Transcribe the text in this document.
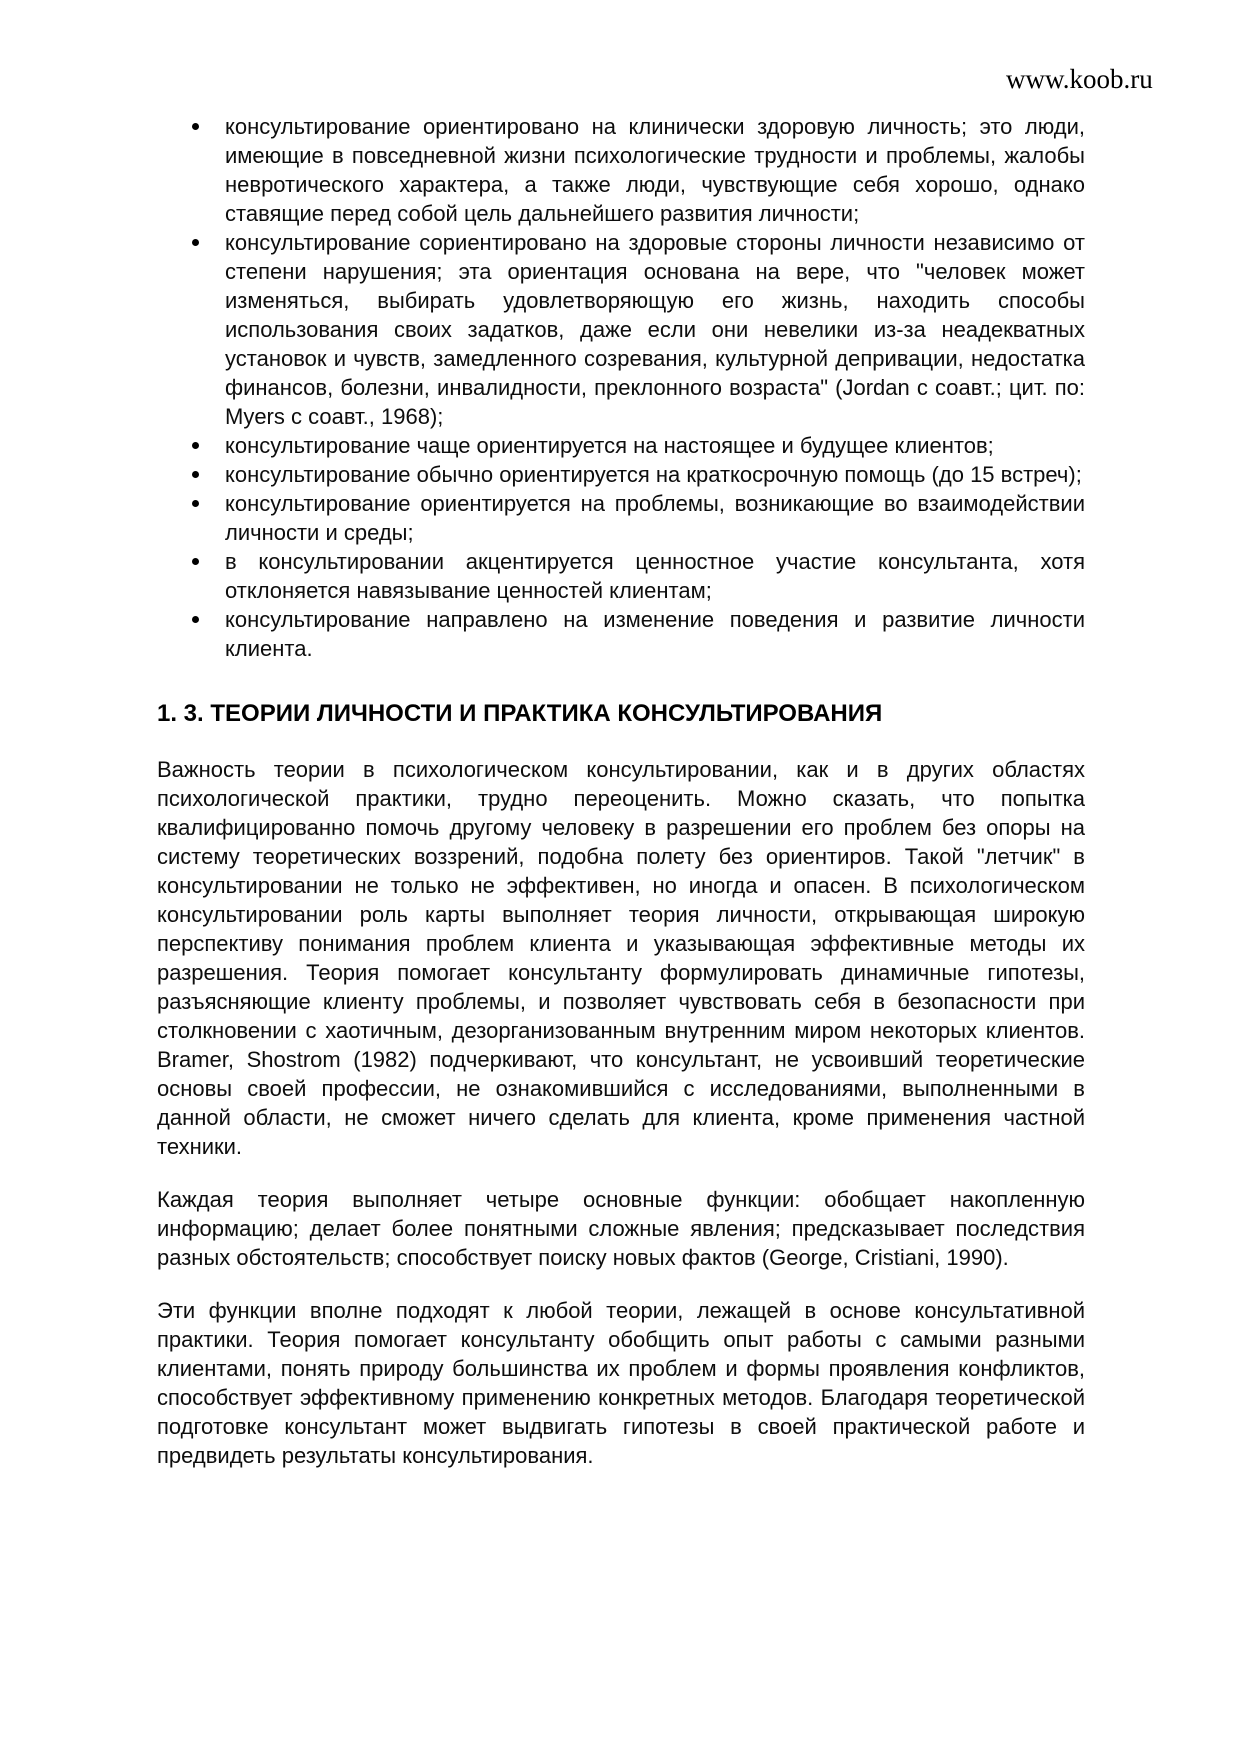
www.koob.ru
консультирование ориентировано на клинически здоровую личность; это люди, имеющие в повседневной жизни психологические трудности и проблемы, жалобы невротического характера, а также люди, чувствующие себя хорошо, однако ставящие перед собой цель дальнейшего развития личности;
консультирование сориентировано на здоровые стороны личности независимо от степени нарушения; эта ориентация основана на вере, что "человек может изменяться, выбирать удовлетворяющую его жизнь, находить способы использования своих задатков, даже если они невелики из-за неадекватных установок и чувств, замедленного созревания, культурной депривации, недостатка финансов, болезни, инвалидности, преклонного возраста" (Jordan с соавт.; цит. по: Myers с соавт., 1968);
консультирование чаще ориентируется на настоящее и будущее клиентов;
консультирование обычно ориентируется на краткосрочную помощь (до 15 встреч);
консультирование ориентируется на проблемы, возникающие во взаимодействии личности и среды;
в консультировании акцентируется ценностное участие консультанта, хотя отклоняется навязывание ценностей клиентам;
консультирование направлено на изменение поведения и развитие личности клиента.
1. 3. ТЕОРИИ ЛИЧНОСТИ И ПРАКТИКА КОНСУЛЬТИРОВАНИЯ

Важность теории в психологическом консультировании, как и в других областях психологической практики, трудно переоценить. Можно сказать, что попытка квалифицированно помочь другому человеку в разрешении его проблем без опоры на систему теоретических воззрений, подобна полету без ориентиров. Такой "летчик" в консультировании не только не эффективен, но иногда и опасен. В психологическом консультировании роль карты выполняет теория личности, открывающая широкую перспективу понимания проблем клиента и указывающая эффективные методы их разрешения. Теория помогает консультанту формулировать динамичные гипотезы, разъясняющие клиенту проблемы, и позволяет чувствовать себя в безопасности при столкновении с хаотичным, дезорганизованным внутренним миром некоторых клиентов. Bramer, Shostrom (1982) подчеркивают, что консультант, не усвоивший теоретические основы своей профессии, не ознакомившийся с исследованиями, выполненными в данной области, не сможет ничего сделать для клиента, кроме применения частной техники.

Каждая теория выполняет четыре основные функции: обобщает накопленную информацию; делает более понятными сложные явления; предсказывает последствия разных обстоятельств; способствует поиску новых фактов (George, Cristiani, 1990).

Эти функции вполне подходят к любой теории, лежащей в основе консультативной практики. Теория помогает консультанту обобщить опыт работы с самыми разными клиентами, понять природу большинства их проблем и формы проявления конфликтов, способствует эффективному применению конкретных методов. Благодаря теоретической подготовке консультант может выдвигать гипотезы в своей практической работе и предвидеть результаты консультирования.
